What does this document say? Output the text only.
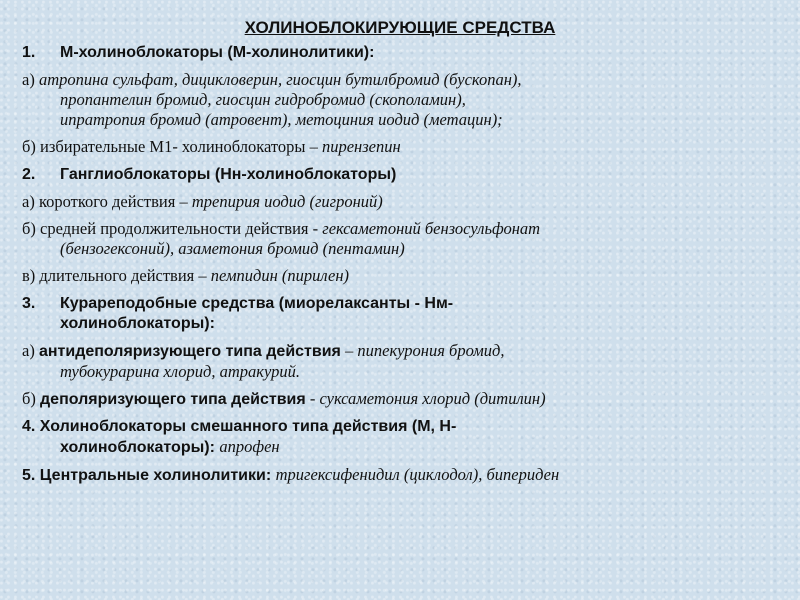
ХОЛИНОБЛОКИРУЮЩИЕ СРЕДСТВА
1. М-холиноблокаторы (М-холинолитики):
а) атропина сульфат, дицикловерин, гиосцин бутилбромид (бускопан),
пропантелин бромид, гиосцин гидробромид (скополамин),
ипратропия бромид (атровент), метоциния иодид (метацин);
б) избирательные М1- холиноблокаторы – пирензепин
2. Ганглиоблокаторы (Нн-холиноблокаторы)
а) короткого действия – трепирия иодид (гигроний)
б) средней продолжительности действия - гексаметоний бензосульфонат
(бензогексоний), азаметония бромид (пентамин)
в) длительного действия – пемпидин (пирилен)
3. Курареподобные средства (миорелаксанты - Нм-
холиноблокаторы):
а) антидеполяризующего типа действия – пипекурония бромид,
тубокурарина хлорид, атракурий.
б) деполяризующего типа действия - суксаметония хлорид (дитилин)
4. Холиноблокаторы смешанного типа действия (М, Н-
холиноблокаторы): апрофен
5. Центральные холинолитики: тригексифенидил (циклодол), бипериден
